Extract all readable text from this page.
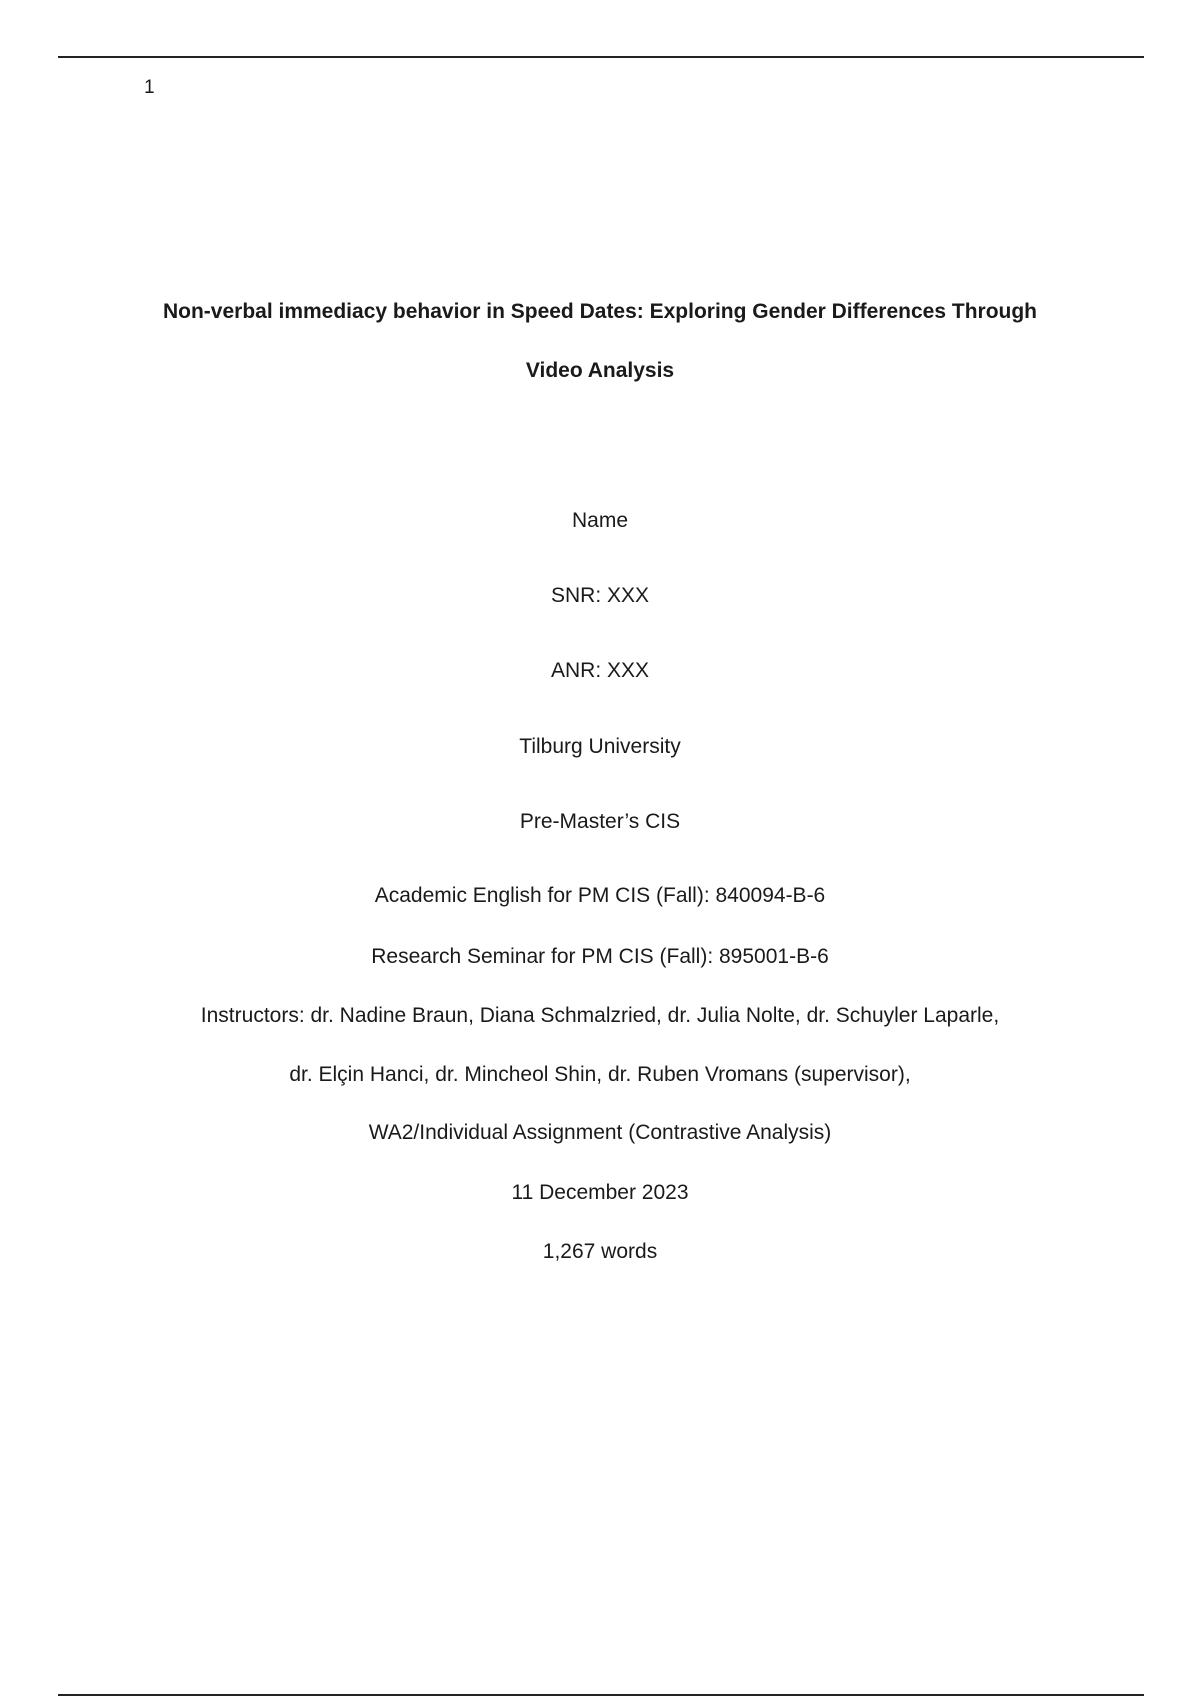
1
Non-verbal immediacy behavior in Speed Dates: Exploring Gender Differences Through
Video Analysis
Name
SNR: XXX
ANR: XXX
Tilburg University
Pre-Master’s CIS
Academic English for PM CIS (Fall): 840094-B-6
Research Seminar for PM CIS (Fall): 895001-B-6
Instructors: dr. Nadine Braun, Diana Schmalzried, dr. Julia Nolte, dr. Schuyler Laparle,
dr. Elçin Hanci, dr. Mincheol Shin, dr. Ruben Vromans (supervisor),
WA2/Individual Assignment (Contrastive Analysis)
11 December 2023
1,267 words
